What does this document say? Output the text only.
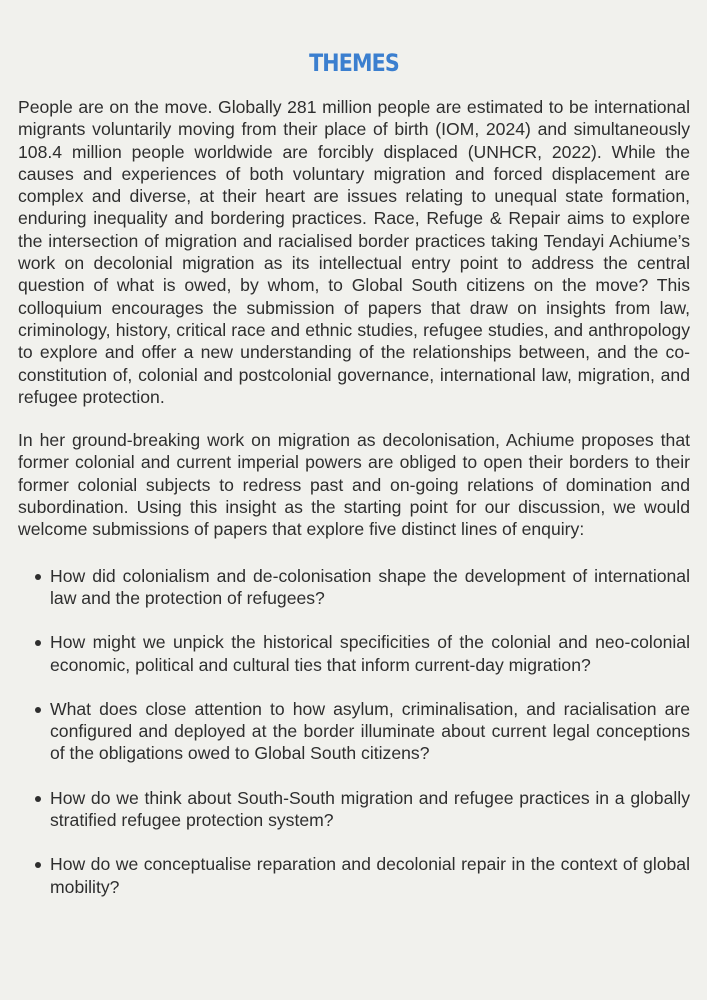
THEMES

People are on the move. Globally 281 million people are estimated to be international migrants voluntarily moving from their place of birth (IOM, 2024) and simultaneously 108.4 million people worldwide are forcibly displaced (UNHCR, 2022). While the causes and experiences of both voluntary migration and forced displacement are complex and diverse, at their heart are issues relating to unequal state formation, enduring inequality and bordering practices. Race, Refuge & Repair aims to explore the intersection of migration and racialised border practices taking Tendayi Achiume’s work on decolonial migration as its intellectual entry point to address the central question of what is owed, by whom, to Global South citizens on the move? This colloquium encourages the submission of papers that draw on insights from law, criminology, history, critical race and ethnic studies, refugee studies, and anthropology to explore and offer a new understanding of the relationships between, and the co-constitution of, colonial and postcolonial governance, international law, migration, and refugee protection.

In her ground-breaking work on migration as decolonisation, Achiume proposes that former colonial and current imperial powers are obliged to open their borders to their former colonial subjects to redress past and on-going relations of domination and subordination. Using this insight as the starting point for our discussion, we would welcome submissions of papers that explore five distinct lines of enquiry:

How did colonialism and de-colonisation shape the development of international law and the protection of refugees?
How might we unpick the historical specificities of the colonial and neo-colonial economic, political and cultural ties that inform current-day migration?
What does close attention to how asylum, criminalisation, and racialisation are configured and deployed at the border illuminate about current legal conceptions of the obligations owed to Global South citizens?
How do we think about South-South migration and refugee practices in a globally stratified refugee protection system?
How do we conceptualise reparation and decolonial repair in the context of global mobility?
